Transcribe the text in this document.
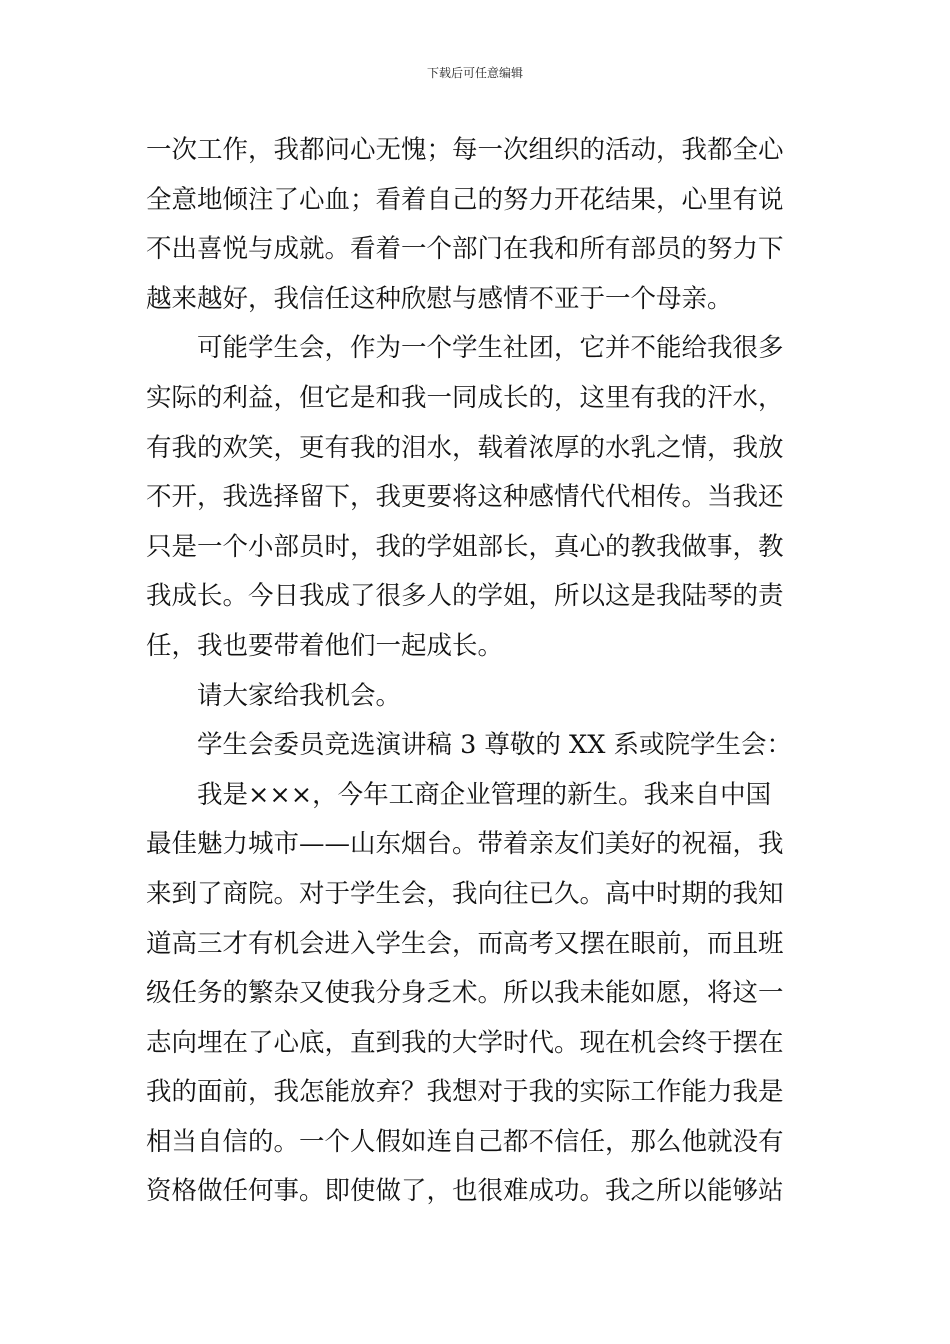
下载后可任意编辑
一次工作，我都问心无愧；每一次组织的活动，我都全心
全意地倾注了心血；看着自己的努力开花结果，心里有说
不出喜悦与成就。看着一个部门在我和所有部员的努力下
越来越好，我信任这种欣慰与感情不亚于一个母亲。
可能学生会，作为一个学生社团，它并不能给我很多
实际的利益，但它是和我一同成长的，这里有我的汗水，
有我的欢笑，更有我的泪水，载着浓厚的水乳之情，我放
不开，我选择留下，我更要将这种感情代代相传。当我还
只是一个小部员时，我的学姐部长，真心的教我做事，教
我成长。今日我成了很多人的学姐，所以这是我陆琴的责
任，我也要带着他们一起成长。
请大家给我机会。
学生会委员竞选演讲稿 3 尊敬的 XX 系或院学生会：
我是×××，今年工商企业管理的新生。我来自中国
最佳魅力城市——山东烟台。带着亲友们美好的祝福，我
来到了商院。对于学生会，我向往已久。高中时期的我知
道高三才有机会进入学生会，而高考又摆在眼前，而且班
级任务的繁杂又使我分身乏术。所以我未能如愿，将这一
志向埋在了心底，直到我的大学时代。现在机会终于摆在
我的面前，我怎能放弃？我想对于我的实际工作能力我是
相当自信的。一个人假如连自己都不信任，那么他就没有
资格做任何事。即使做了，也很难成功。我之所以能够站
